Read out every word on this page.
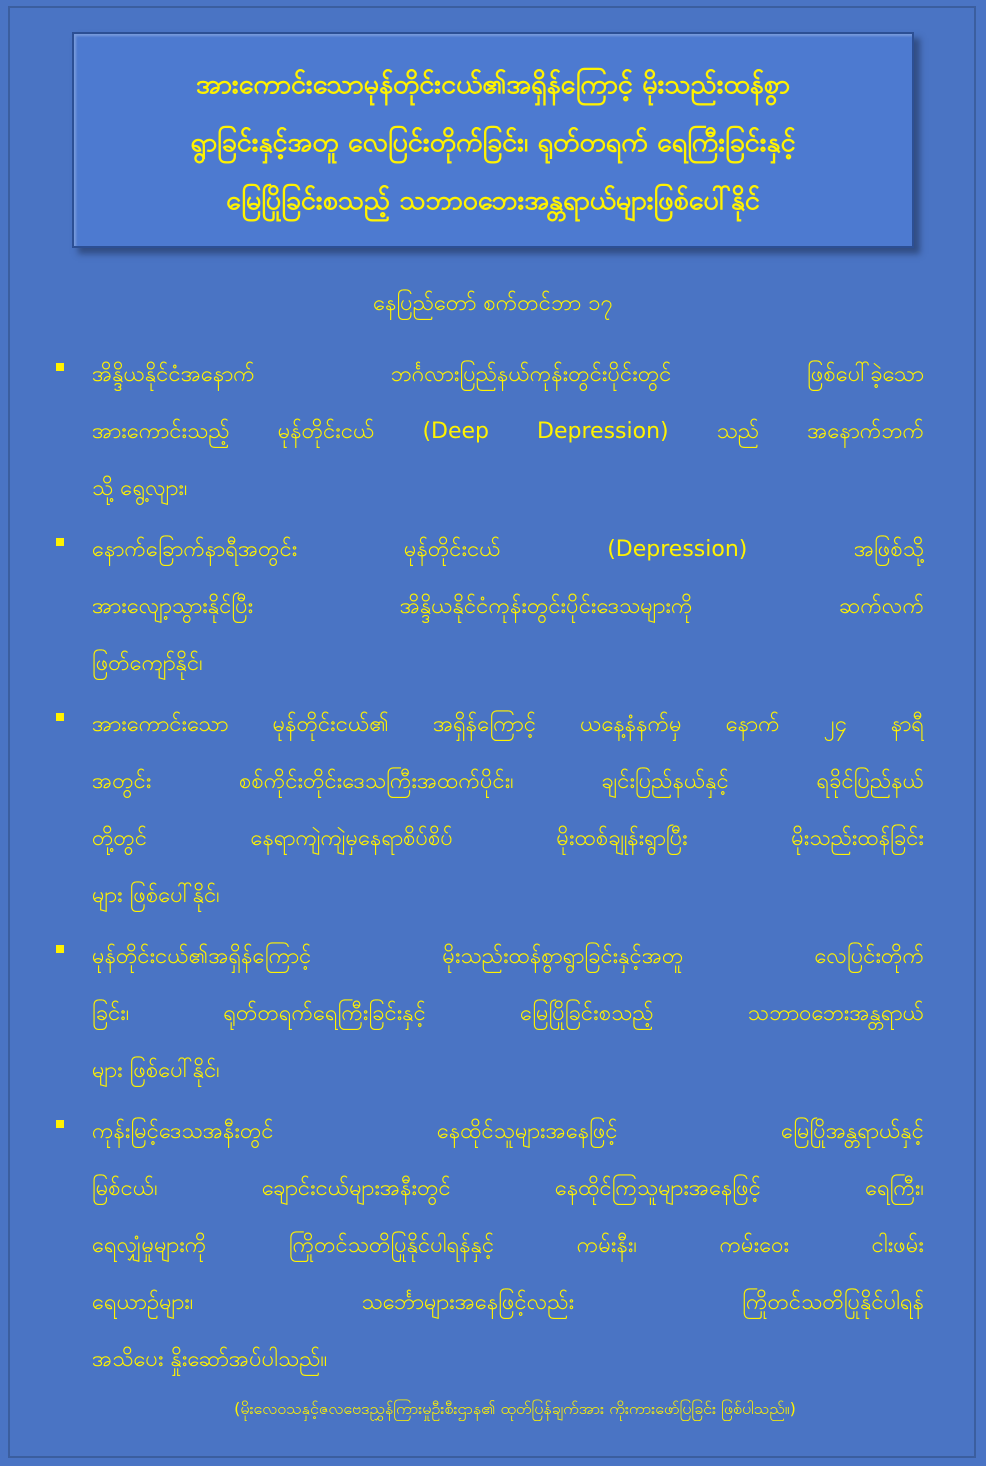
အားကောင်းသောမုန်တိုင်းငယ်၏အရှိန်ကြောင့် မိုးသည်းထန်စွာ
ရွာခြင်းနှင့်အတူ လေပြင်းတိုက်ခြင်း၊ ရုတ်တရက် ရေကြီးခြင်းနှင့်
မြေပြိုခြင်းစသည့် သဘာဝဘေးအန္တရာယ်များဖြစ်ပေါ်နိုင်
နေပြည်တော် စက်တင်ဘာ ၁၇
အိန္ဒိယနိုင်ငံအနောက် ဘင်္ဂလားပြည်နယ်ကုန်းတွင်းပိုင်းတွင် ဖြစ်ပေါ်ခဲ့သော
အားကောင်းသည့် မုန်တိုင်းငယ် (Deep Depression) သည် အနောက်ဘက်
သို့ ရွေ့လျား၊
နောက်ခြောက်နာရီအတွင်း မုန်တိုင်းငယ် (Depression) အဖြစ်သို့
အားလျော့သွားနိုင်ပြီး အိန္ဒိယနိုင်ငံကုန်းတွင်းပိုင်းဒေသများကို ဆက်လက်
ဖြတ်ကျော်နိုင်၊
အားကောင်းသော မုန်တိုင်းငယ်၏ အရှိန်ကြောင့် ယနေ့နံနက်မှ နောက် ၂၄ နာရီ
အတွင်း စစ်ကိုင်းတိုင်းဒေသကြီးအထက်ပိုင်း၊ ချင်းပြည်နယ်နှင့် ရခိုင်ပြည်နယ်
တို့တွင် နေရာကျဲကျဲမှနေရာစိပ်စိပ် မိုးထစ်ချုန်းရွာပြီး မိုးသည်းထန်ခြင်း
များ ဖြစ်ပေါ်နိုင်၊
မုန်တိုင်းငယ်၏အရှိန်ကြောင့် မိုးသည်းထန်စွာရွာခြင်းနှင့်အတူ လေပြင်းတိုက်
ခြင်း၊ ရုတ်တရက်ရေကြီးခြင်းနှင့် မြေပြိုခြင်းစသည့် သဘာဝဘေးအန္တရာယ်
များ ဖြစ်ပေါ်နိုင်၊
ကုန်းမြင့်ဒေသအနီးတွင် နေထိုင်သူများအနေဖြင့် မြေပြိုအန္တရာယ်နှင့်
မြစ်ငယ်၊ ချောင်းငယ်များအနီးတွင် နေထိုင်ကြသူများအနေဖြင့် ရေကြီး၊
ရေလျှံမှုများကို ကြိုတင်သတိပြုနိုင်ပါရန်နှင့် ကမ်းနီး၊ ကမ်းဝေး ငါးဖမ်း
ရေယာဉ်များ၊ သင်္ဘောများအနေဖြင့်လည်း ကြိုတင်သတိပြုနိုင်ပါရန်
အသိပေး နှိုးဆော်အပ်ပါသည်။
(မိုးလေဝသနှင့်ဇလဗေဒညွှန်ကြားမှုဦးစီးဌာန၏ ထုတ်ပြန်ချက်အား ကိုးကားဖော်ပြခြင်း ဖြစ်ပါသည်။)
